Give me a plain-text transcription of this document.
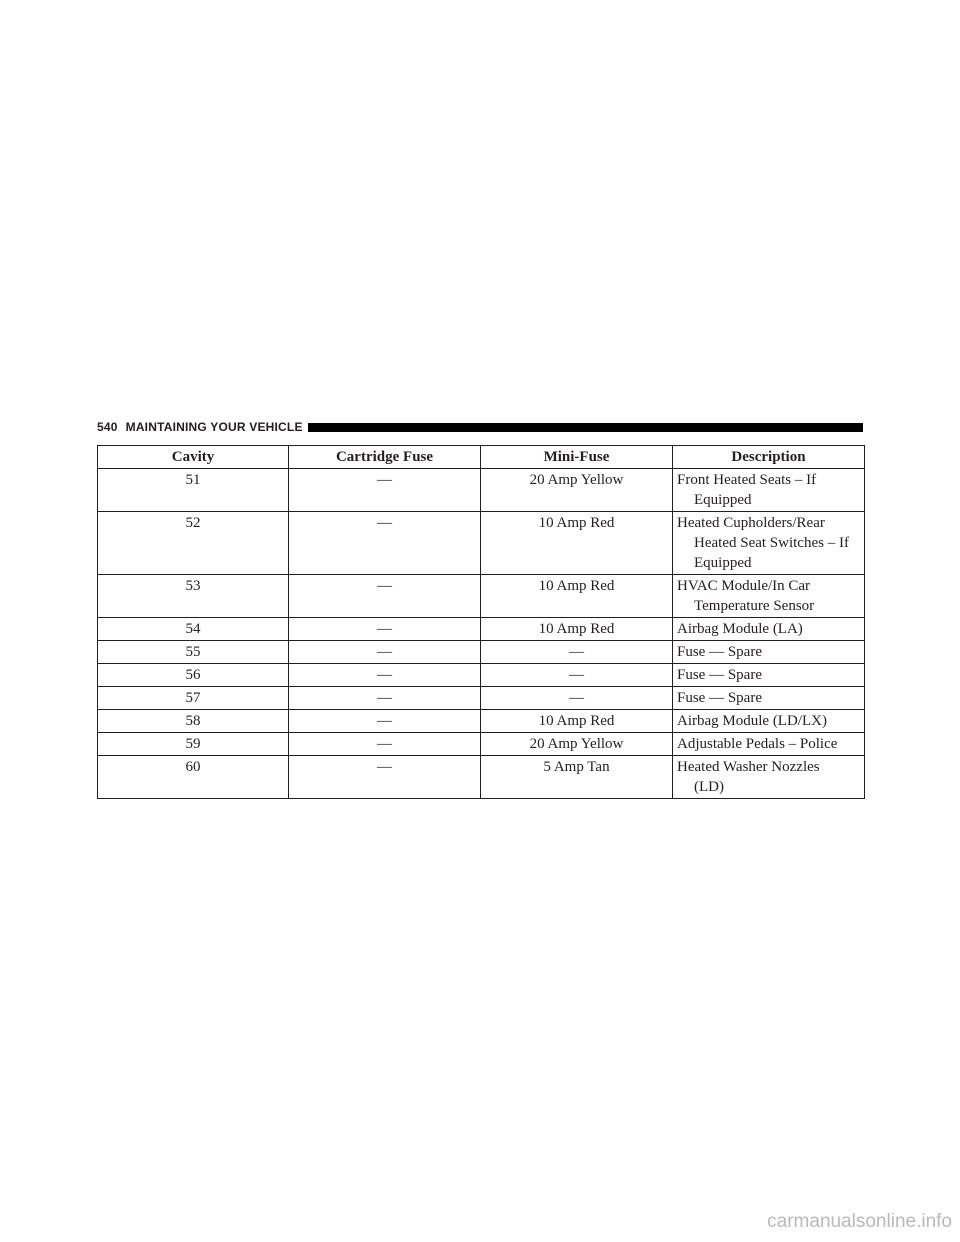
540 MAINTAINING YOUR VEHICLE
Cavity	Cartridge Fuse	Mini-Fuse	Description
51	—	20 Amp Yellow	Front Heated Seats – If
Equipped

52	—	10 Amp Red	Heated Cupholders/Rear
Heated Seat Switches – If
Equipped

53	—	10 Amp Red	HVAC Module/In Car
Temperature Sensor

54	—	10 Amp Red	Airbag Module (LA)

55	—	—	Fuse — Spare

56	—	—	Fuse — Spare

57	—	—	Fuse — Spare

58	—	10 Amp Red	Airbag Module (LD/LX)

59	—	20 Amp Yellow	Adjustable Pedals – Police

60	—	5 Amp Tan	Heated Washer Nozzles
(LD)
carmanualsonline.info
